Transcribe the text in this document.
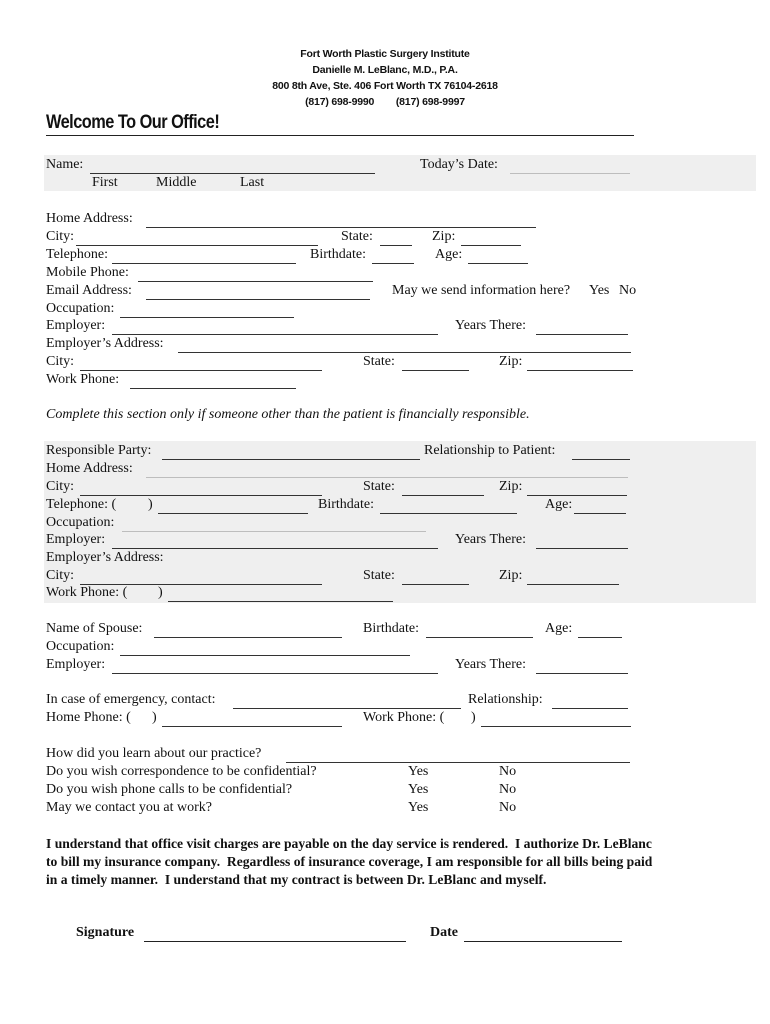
Fort Worth Plastic Surgery Institute
Danielle M. LeBlanc, M.D., P.A.
800 8th Ave, Ste. 406 Fort Worth TX 76104-2618
(817) 698-9990        (817) 698-9997
Welcome To Our Office!
Name:	Today’s Date:
First	Middle	Last
Home Address:
City:	State:	Zip:
Telephone:	Birthdate:	Age:
Mobile Phone:
Email Address:	May we send information here? Yes No
Occupation:
Employer:	Years There:
Employer’s Address:
City:	State:	Zip:
Work Phone:
Complete this section only if someone other than the patient is financially responsible.
Responsible Party:	Relationship to Patient:
Home Address:
City:	State:	Zip:
Telephone: ( )	Birthdate:	Age:
Occupation:
Employer:	Years There:
Employer’s Address:
City:	State:	Zip:
Work Phone: ( )
Name of Spouse:	Birthdate:	Age:
Occupation:
Employer:	Years There:
In case of emergency, contact:	Relationship:
Home Phone: ( )	Work Phone: ( )
How did you learn about our practice?
Do you wish correspondence to be confidential?	Yes	No
Do you wish phone calls to be confidential?	Yes	No
May we contact you at work?	Yes	No
I understand that office visit charges are payable on the day service is rendered.  I authorize Dr. LeBlanc
to bill my insurance company.  Regardless of insurance coverage, I am responsible for all bills being paid
in a timely manner.  I understand that my contract is between Dr. LeBlanc and myself.
Signature	Date
